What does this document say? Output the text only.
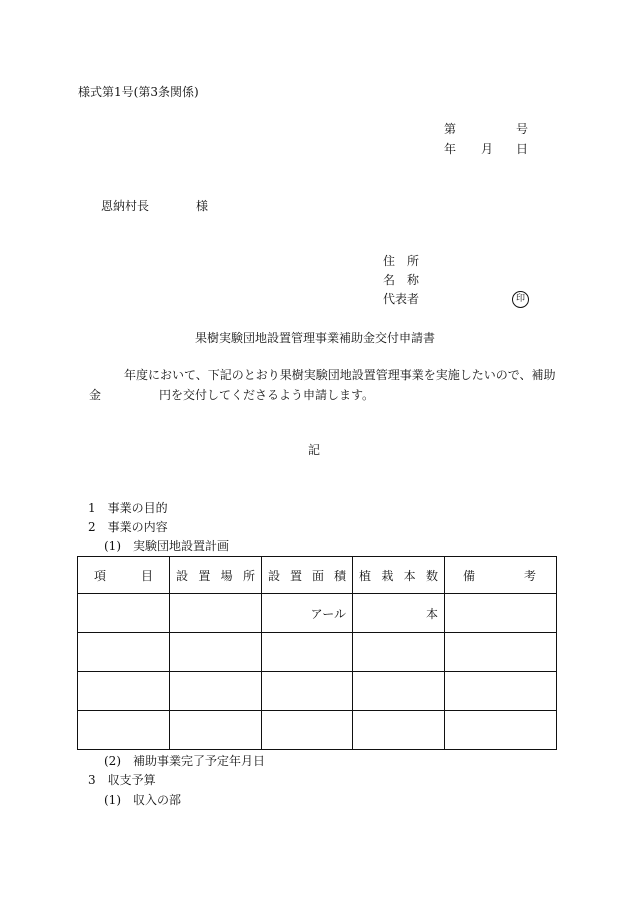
様式第1号(第3条関係)
第	号
年 月 日
恩納村長	様
住　所
名　称
代表者	印
果樹実験団地設置管理事業補助金交付申請書
年度において、下記のとおり果樹実験団地設置管理事業を実施したいので、補助
金	円を交付してくださるよう申請します。
記
1　事業の目的
2　事業の内容
(1)　実験団地設置計画
項 目	設 置 場 所	設 置 面 積	植 栽 本 数	備 考

		アール	本	

(2)　補助事業完了予定年月日
3　収支予算
(1)　収入の部
